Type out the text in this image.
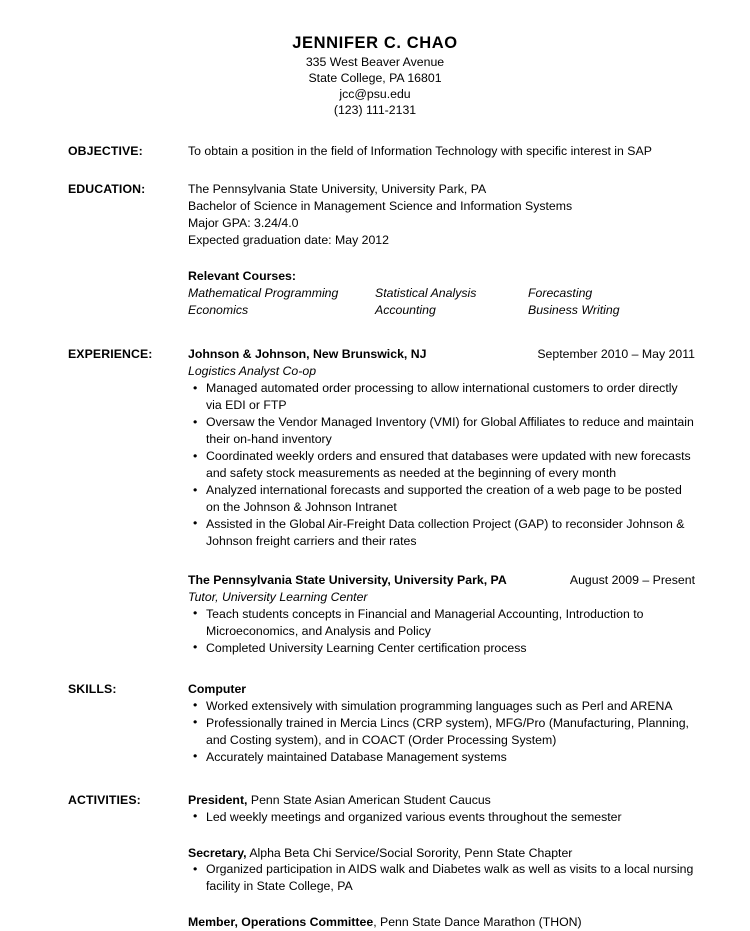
JENNIFER C. CHAO
335 West Beaver Avenue
State College, PA 16801
jcc@psu.edu
(123) 111-2131
OBJECTIVE:	To obtain a position in the field of Information Technology with specific interest in SAP
EDUCATION:	The Pennsylvania State University, University Park, PA
Bachelor of Science in Management Science and Information Systems
Major GPA: 3.24/4.0
Expected graduation date: May 2012
Relevant Courses:
Mathematical Programming	Statistical Analysis	Forecasting
Economics	Accounting	Business Writing
EXPERIENCE:	Johnson & Johnson, New Brunswick, NJ	September 2010 – May 2011
Logistics Analyst Co-op
• Managed automated order processing to allow international customers to order directly via EDI or FTP
• Oversaw the Vendor Managed Inventory (VMI) for Global Affiliates to reduce and maintain their on-hand inventory
• Coordinated weekly orders and ensured that databases were updated with new forecasts and safety stock measurements as needed at the beginning of every month
• Analyzed international forecasts and supported the creation of a web page to be posted on the Johnson & Johnson Intranet
• Assisted in the Global Air-Freight Data collection Project (GAP) to reconsider Johnson & Johnson freight carriers and their rates
The Pennsylvania State University, University Park, PA	August 2009 – Present
Tutor, University Learning Center
• Teach students concepts in Financial and Managerial Accounting, Introduction to Microeconomics, and Analysis and Policy
• Completed University Learning Center certification process
SKILLS:	Computer
• Worked extensively with simulation programming languages such as Perl and ARENA
• Professionally trained in Mercia Lincs (CRP system), MFG/Pro (Manufacturing, Planning, and Costing system), and in COACT (Order Processing System)
• Accurately maintained Database Management systems
ACTIVITIES:	President, Penn State Asian American Student Caucus
• Led weekly meetings and organized various events throughout the semester
Secretary, Alpha Beta Chi Service/Social Sorority, Penn State Chapter
• Organized participation in AIDS walk and Diabetes walk as well as visits to a local nursing facility in State College, PA
Member, Operations Committee, Penn State Dance Marathon (THON)
